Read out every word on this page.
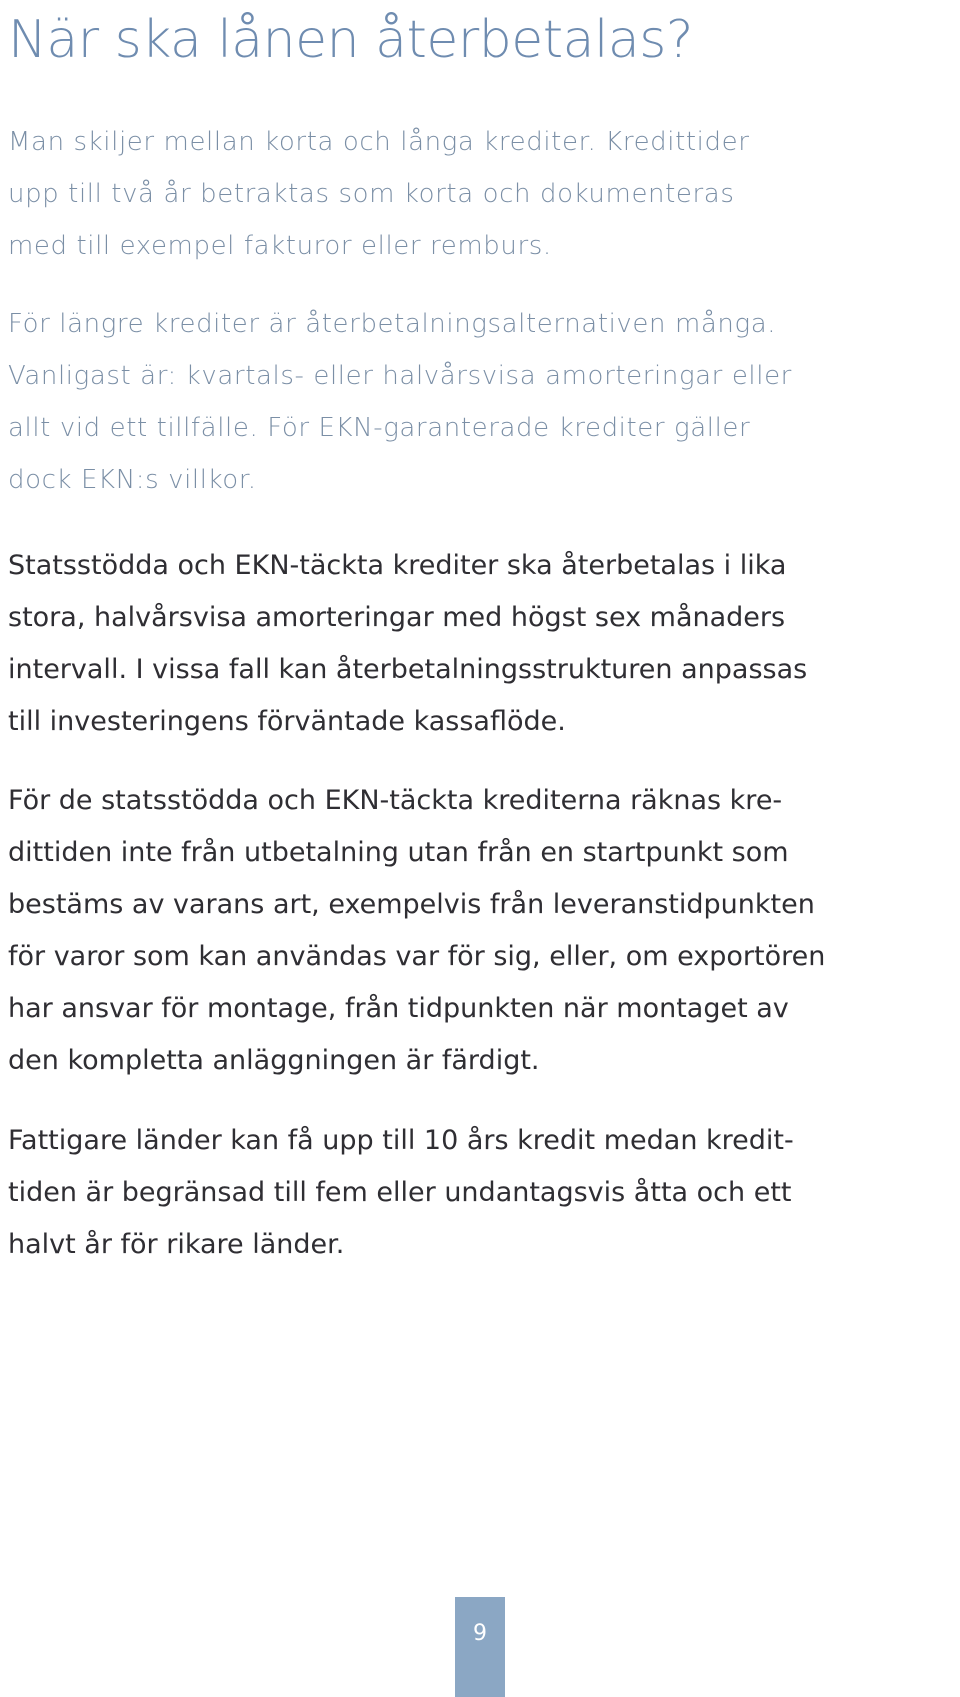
När ska lånen återbetalas?

Man skiljer mellan korta och långa krediter. Kredittider
upp till två år betraktas som korta och dokumenteras
med till exempel fakturor eller remburs.

För längre krediter är återbetalningsalternativen många.
Vanligast är: kvartals- eller halvårsvisa amorteringar eller
allt vid ett tillfälle. För EKN-garanterade krediter gäller
dock EKN:s villkor.

Statsstödda och EKN-täckta krediter ska återbetalas i lika
stora, halvårsvisa amorteringar med högst sex månaders
intervall. I vissa fall kan återbetalningsstrukturen anpassas
till investeringens förväntade kassaflöde.

För de statsstödda och EKN-täckta krediterna räknas kre-
dittiden inte från utbetalning utan från en startpunkt som
bestäms av varans art, exempelvis från leveranstidpunkten
för varor som kan användas var för sig, eller, om exportören
har ansvar för montage, från tidpunkten när montaget av
den kompletta anläggningen är färdigt.

Fattigare länder kan få upp till 10 års kredit medan kredit-
tiden är begränsad till fem eller undantagsvis åtta och ett
halvt år för rikare länder.

9
